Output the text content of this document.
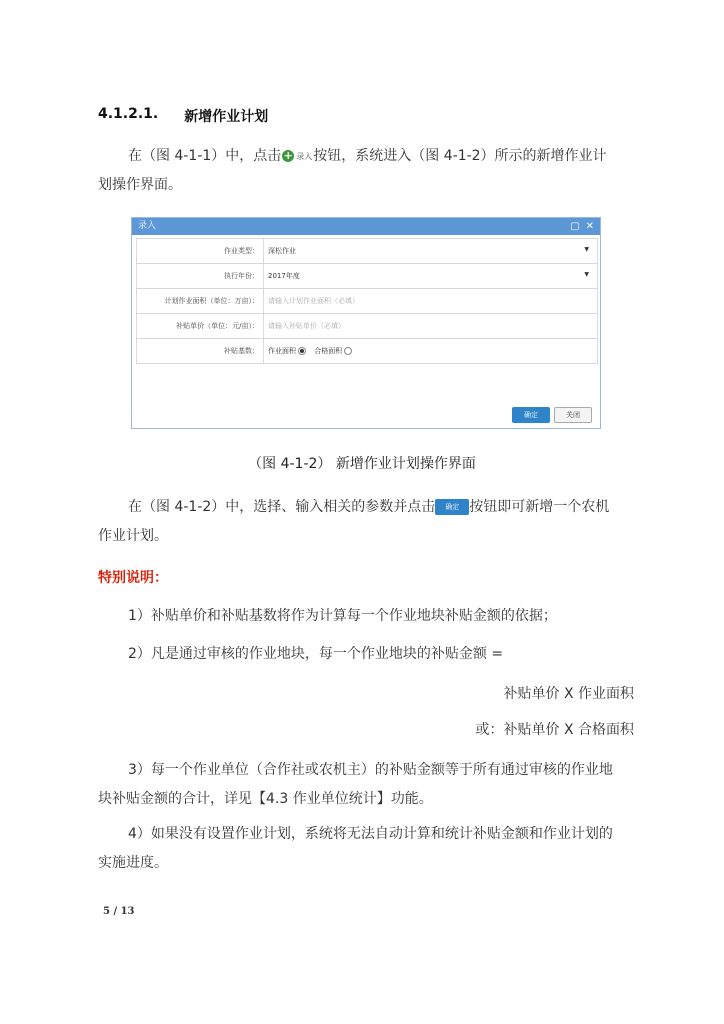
4.1.2.1. 新增作业计划
在（图 4-1-1）中，点击 + 录入 按钮，系统进入（图 4-1-2）所示的新增作业计
划操作界面。
录入	▢ ✕
作业类型：	深松作业 ▼

执行年份：	2017年度 ▼

计划作业面积（单位：万亩）：	请输入计划作业面积（必填）
补贴单价（单位：元/亩）：	请输入补贴单价（必填）
补贴基数：	作业面积 合格面积
确定	关闭
（图 4-1-2） 新增作业计划操作界面
在（图 4-1-2）中，选择、输入相关的参数并点击 确定 按钮即可新增一个农机
作业计划。
特别说明：
1）补贴单价和补贴基数将作为计算每一个作业地块补贴金额的依据；
2）凡是通过审核的作业地块，每一个作业地块的补贴金额 =
补贴单价 X 作业面积
或：补贴单价 X 合格面积
3）每一个作业单位（合作社或农机主）的补贴金额等于所有通过审核的作业地
块补贴金额的合计，详见【4.3 作业单位统计】功能。
4）如果没有设置作业计划，系统将无法自动计算和统计补贴金额和作业计划的
实施进度。
5 / 13
